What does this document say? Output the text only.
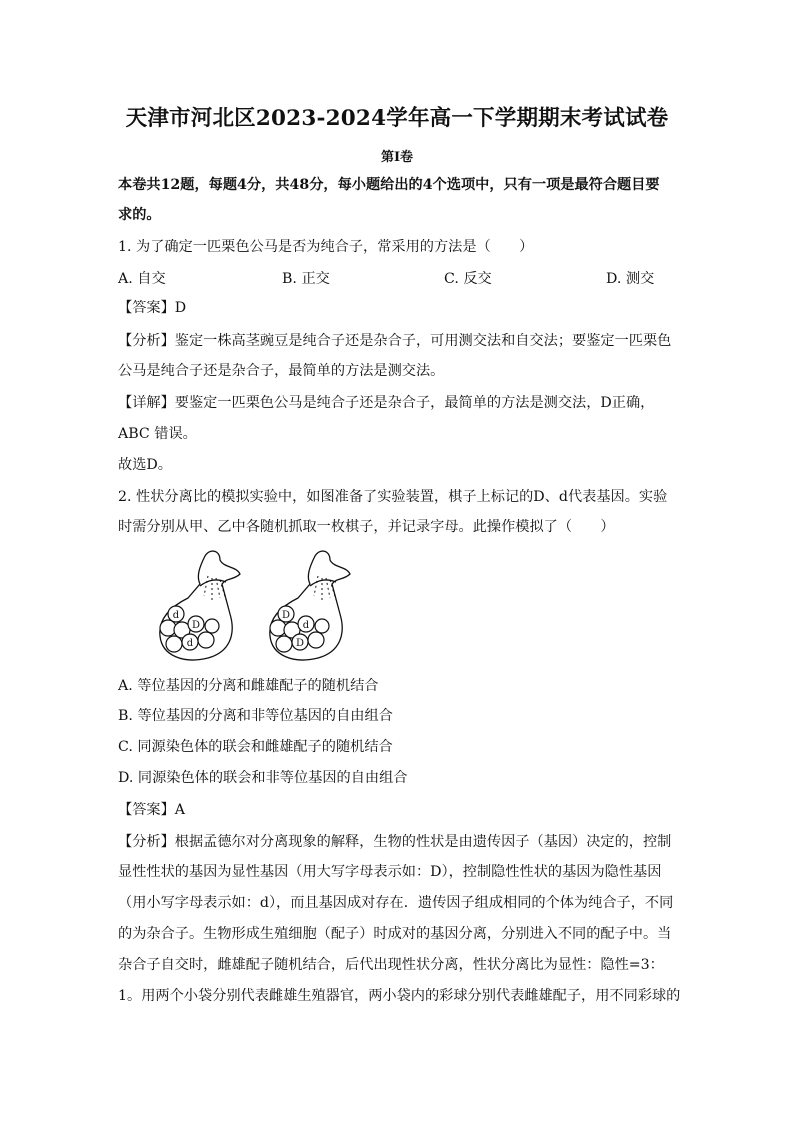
天津市河北区2023-2024学年高一下学期期末考试试卷
第I卷
本卷共12题，每题4分，共48分，每小题给出的4个选项中，只有一项是最符合题目要
求的。
1. 为了确定一匹栗色公马是否为纯合子，常采用的方法是（　　）
A. 自交	B. 正交	C. 反交	D. 测交
【答案】D
【分析】鉴定一株高茎豌豆是纯合子还是杂合子，可用测交法和自交法；要鉴定一匹栗色
公马是纯合子还是杂合子，最简单的方法是测交法。
【详解】要鉴定一匹栗色公马是纯合子还是杂合子，最简单的方法是测交法，D正确，
ABC 错误。
故选D。
2. 性状分离比的模拟实验中，如图准备了实验装置，棋子上标记的D、d代表基因。实验
时需分别从甲、乙中各随机抓取一枚棋子，并记录字母。此操作模拟了（　　）
d
D
d
D
d
D
A. 等位基因的分离和雌雄配子的随机结合
B. 等位基因的分离和非等位基因的自由组合
C. 同源染色体的联会和雌雄配子的随机结合
D. 同源染色体的联会和非等位基因的自由组合
【答案】A
【分析】根据孟德尔对分离现象的解释，生物的性状是由遗传因子（基因）决定的，控制
显性性状的基因为显性基因（用大写字母表示如：D），控制隐性性状的基因为隐性基因
（用小写字母表示如：d），而且基因成对存在．遗传因子组成相同的个体为纯合子，不同
的为杂合子。生物形成生殖细胞（配子）时成对的基因分离，分别进入不同的配子中。当
杂合子自交时，雌雄配子随机结合，后代出现性状分离，性状分离比为显性：隐性=3：
1。用两个小袋分别代表雌雄生殖器官，两小袋内的彩球分别代表雌雄配子，用不同彩球的
